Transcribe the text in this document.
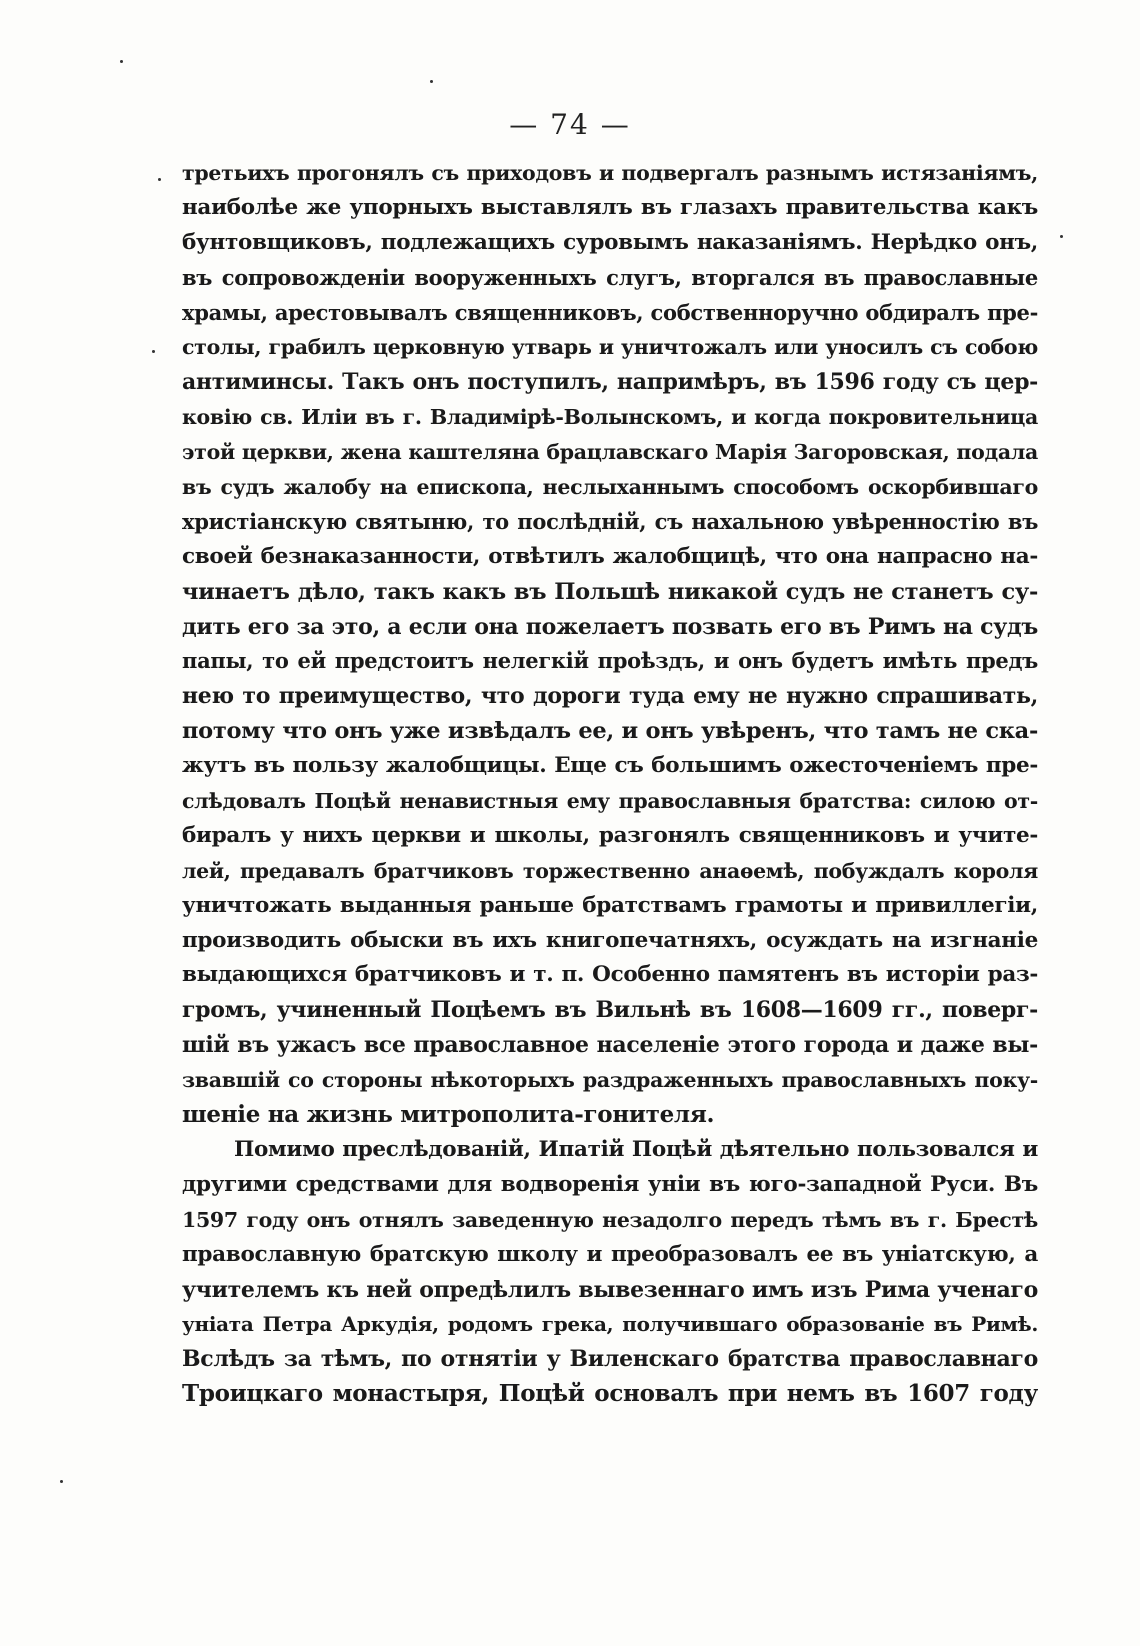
— 74 —
третьихъ прогонялъ съ приходовъ и подвергалъ разнымъ истязаніямъ,
наиболѣе же упорныхъ выставлялъ въ глазахъ правительства какъ
бунтовщиковъ, подлежащихъ суровымъ наказаніямъ. Нерѣдко онъ,
въ сопровожденіи вооруженныхъ слугъ, вторгался въ православные
храмы, арестовывалъ священниковъ, собственноручно обдиралъ пре-
столы, грабилъ церковную утварь и уничтожалъ или уносилъ съ собою
антиминсы. Такъ онъ поступилъ, напримѣръ, въ 1596 году съ цер-
ковію св. Иліи въ г. Владимірѣ-Волынскомъ, и когда покровительница
этой церкви, жена каштеляна брацлавскаго Марія Загоровская, подала
въ судъ жалобу на епископа, неслыханнымъ способомъ оскорбившаго
христіанскую святыню, то послѣдній, съ нахальною увѣренностію въ
своей безнаказанности, отвѣтилъ жалобщицѣ, что она напрасно на-
чинаетъ дѣло, такъ какъ въ Польшѣ никакой судъ не станетъ су-
дить его за это, а если она пожелаетъ позвать его въ Римъ на судъ
папы, то ей предстоитъ нелегкій проѣздъ, и онъ будетъ имѣть предъ
нею то преимущество, что дороги туда ему не нужно спрашивать,
потому что онъ уже извѣдалъ ее, и онъ увѣренъ, что тамъ не ска-
жутъ въ пользу жалобщицы. Еще съ большимъ ожесточеніемъ пре-
слѣдовалъ Поцѣй ненавистныя ему православныя братства: силою от-
биралъ у нихъ церкви и школы, разгонялъ священниковъ и учите-
лей, предавалъ братчиковъ торжественно анаѳемѣ, побуждалъ короля
уничтожать выданныя раньше братствамъ грамоты и привиллегіи,
производить обыски въ ихъ книгопечатняхъ, осуждать на изгнаніе
выдающихся братчиковъ и т. п. Особенно памятенъ въ исторіи раз-
громъ, учиненный Поцѣемъ въ Вильнѣ въ 1608—1609 гг., поверг-
шій въ ужасъ все православное населеніе этого города и даже вы-
звавшій со стороны нѣкоторыхъ раздраженныхъ православныхъ поку-
шеніе на жизнь митрополита-гонителя.
Помимо преслѣдованій, Ипатій Поцѣй дѣятельно пользовался и
другими средствами для водворенія уніи въ юго-западной Руси. Въ
1597 году онъ отнялъ заведенную незадолго передъ тѣмъ въ г. Брестѣ
православную братскую школу и преобразовалъ ее въ уніатскую, а
учителемъ къ ней опредѣлилъ вывезеннаго имъ изъ Рима ученаго
уніата Петра Аркудія, родомъ грека, получившаго образованіе въ Римѣ.
Вслѣдъ за тѣмъ, по отнятіи у Виленскаго братства православнаго
Троицкаго монастыря, Поцѣй основалъ при немъ въ 1607 году
